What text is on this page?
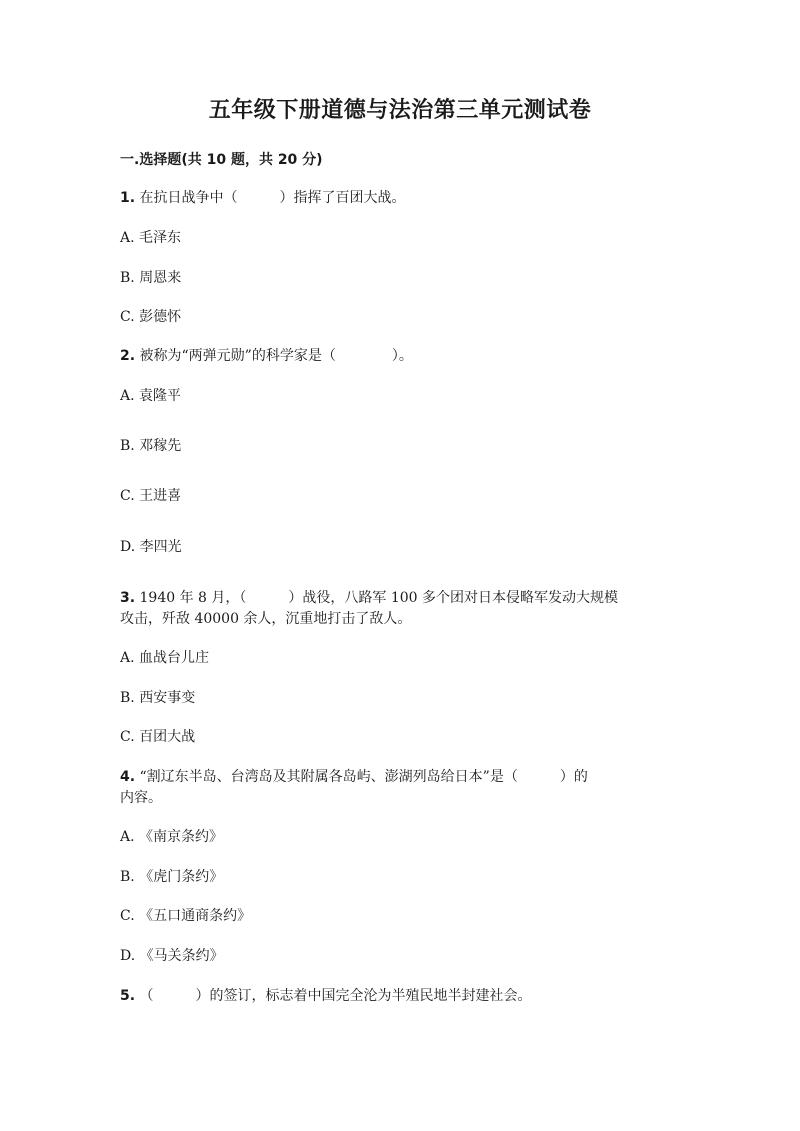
五年级下册道德与法治第三单元测试卷
一.选择题(共 10 题，共 20 分)
1. 在抗日战争中（　　　）指挥了百团大战。
A. 毛泽东
B. 周恩来
C. 彭德怀
2. 被称为“两弹元勋”的科学家是（　　　　）。
A. 袁隆平
B. 邓稼先
C. 王进喜
D. 李四光
3. 1940 年 8 月，（　　　）战役，八路军 100 多个团对日本侵略军发动大规模
攻击，歼敌 40000 余人，沉重地打击了敌人。
A. 血战台儿庄
B. 西安事变
C. 百团大战
4. “割辽东半岛、台湾岛及其附属各岛屿、澎湖列岛给日本”是（　　　）的
内容。
A. 《南京条约》
B. 《虎门条约》
C. 《五口通商条约》
D. 《马关条约》
5. （　　　）的签订，标志着中国完全沦为半殖民地半封建社会。
